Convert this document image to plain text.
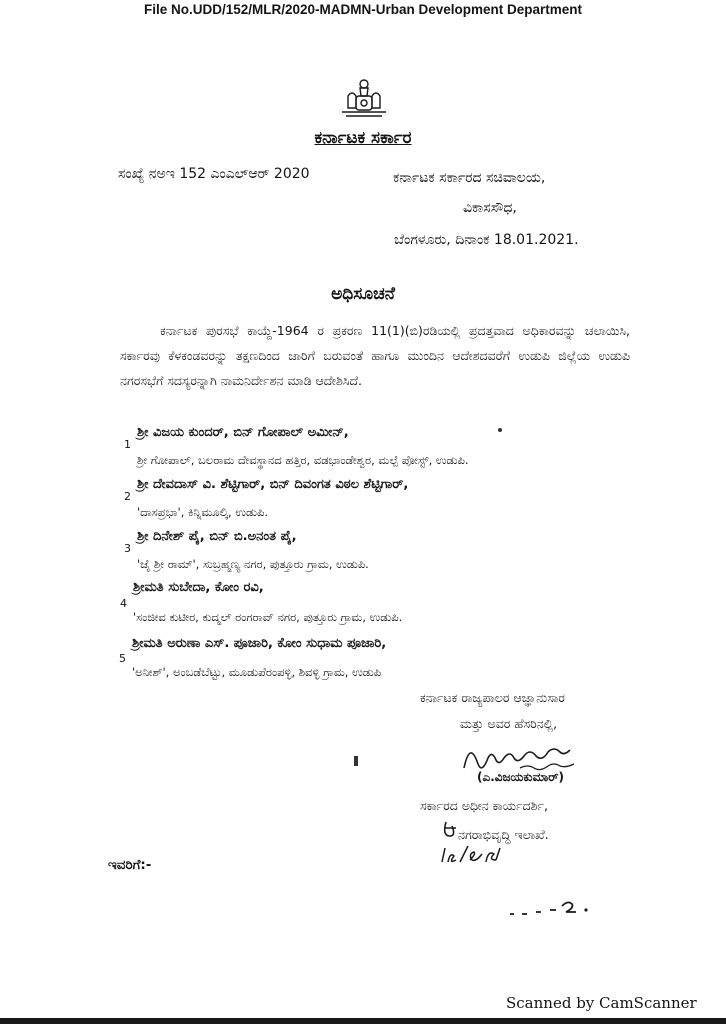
File No.UDD/152/MLR/2020-MADMN-Urban Development Department
ಕರ್ನಾಟಕ ಸರ್ಕಾರ
ಸಂಖ್ಯೆ ನಅಇ 152 ಎಂಎಲ್ಆರ್ 2020	ಕರ್ನಾಟಕ ಸರ್ಕಾರದ ಸಚಿವಾಲಯ,
ವಿಕಾಸಸೌಧ,
ಬೆಂಗಳೂರು, ದಿನಾಂಕ 18.01.2021.
ಅಧಿಸೂಚನೆ
ಕರ್ನಾಟಕ ಪುರಸಭೆ ಕಾಯ್ದೆ-1964 ರ ಪ್ರಕರಣ 11(1)(ಬಿ)ರಡಿಯಲ್ಲಿ ಪ್ರದತ್ತವಾದ ಅಧಿಕಾರವನ್ನು ಚಲಾಯಿಸಿ, ಸರ್ಕಾರವು ಕೆಳಕಂಡವರನ್ನು ತಕ್ಷಣದಿಂದ ಜಾರಿಗೆ ಬರುವಂತೆ ಹಾಗೂ ಮುಂದಿನ ಆದೇಶದವರೆಗೆ ಉಡುಪಿ ಜಿಲ್ಲೆಯ ಉಡುಪಿ ನಗರಸಭೆಗೆ ಸದಸ್ಯರನ್ನಾಗಿ ನಾಮನಿರ್ದೇಶನ ಮಾಡಿ ಆದೇಶಿಸಿದೆ.
1
ಶ್ರೀ ವಿಜಯ ಕುಂದರ್, ಬಿನ್ ಗೋಪಾಲ್ ಅಮೀನ್,
ಶ್ರೀ ಗೋಪಾಲ್, ಬಲರಾಮ ದೇವಸ್ಥಾನದ ಹತ್ತಿರ, ವಡಭಾಂಡೇಶ್ವರ, ಮಲ್ಪೆ ಪೋಸ್ಟ್, ಉಡುಪಿ.
2
ಶ್ರೀ ದೇವದಾಸ್ ವಿ. ಶೆಟ್ಟಿಗಾರ್, ಬಿನ್ ದಿವಂಗತ ವಿಠಲ ಶೆಟ್ಟಿಗಾರ್,
'ದಾಸಪ್ರಭಾ', ಕಿನ್ನಿಮೂಲ್ಕಿ, ಉಡುಪಿ.
3
ಶ್ರೀ ದಿನೇಶ್ ಪೈ, ಬಿನ್ ಬಿ.ಅನಂತ ಪೈ,
'ಜೈ ಶ್ರೀ ರಾಮ್', ಸುಬ್ರಹ್ಮಣ್ಯ ನಗರ, ಪುತ್ತೂರು ಗ್ರಾಮ, ಉಡುಪಿ.
4
ಶ್ರೀಮತಿ ಸುಬೇದಾ, ಕೋಂ ರವಿ,
'ಸಂಜೀವ ಕುಟೀರ, ಕುದ್ಮಲ್ ರಂಗರಾವ್ ನಗರ, ಪುತ್ತೂರು ಗ್ರಾಮ, ಉಡುಪಿ.
5
ಶ್ರೀಮತಿ ಅರುಣಾ ಎಸ್. ಪೂಜಾರಿ, ಕೋಂ ಸುಧಾಮ ಪೂಜಾರಿ,
'ಅನೀಶ್', ಅಂಬಡೆಬೆಟ್ಟು, ಮೂಡುಪೆರಂಪಳ್ಳಿ, ಶಿವಳ್ಳಿ ಗ್ರಾಮ, ಉಡುಪಿ
ಕರ್ನಾಟಕ ರಾಜ್ಯಪಾಲರ ಆಜ್ಞಾನುಸಾರ
ಮತ್ತು ಅವರ ಹೆಸರಿನಲ್ಲಿ,
(ಎ.ವಿಜಯಕುಮಾರ್)
ಸರ್ಕಾರದ ಅಧೀನ ಕಾರ್ಯದರ್ಶಿ,
ನಗರಾಭಿವೃದ್ಧಿ ಇಲಾಖೆ.
ಇವರಿಗೆ:-
Scanned by CamScanner
